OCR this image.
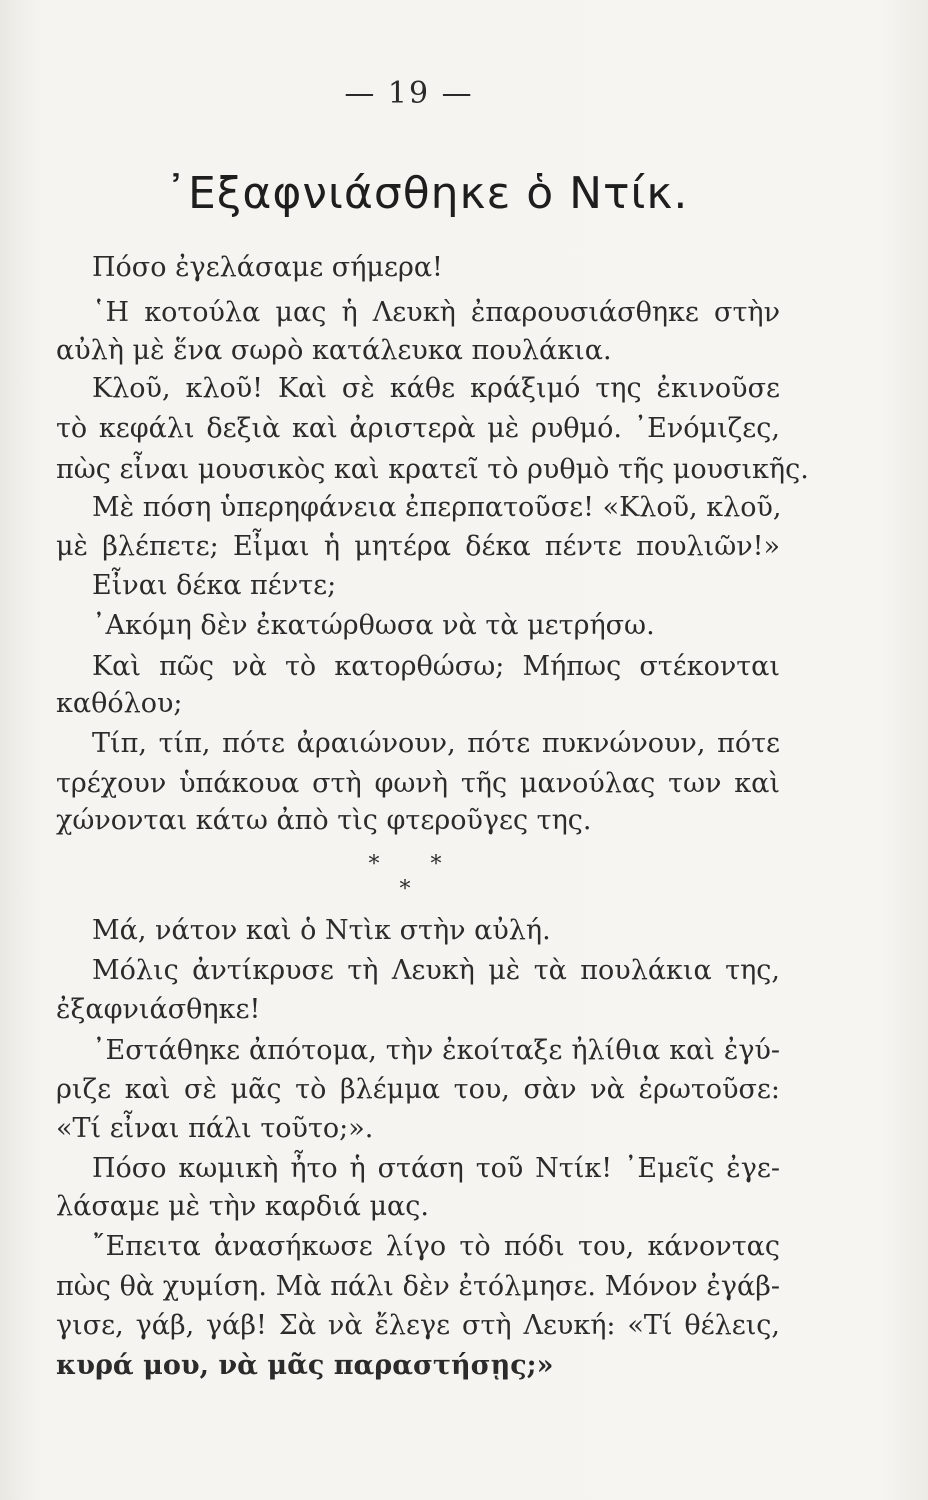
— 19 —
᾿Εξαφνιάσθηκε ὁ Ντίκ.
Πόσο ἐγελάσαμε σήμερα!
῾Η κοτούλα μας ἡ Λευκὴ ἐπαρουσιάσθηκε στὴν
αὐλὴ μὲ ἕνα σωρὸ κατάλευκα πουλάκια.
Κλοῦ, κλοῦ! Καὶ σὲ κάθε κράξιμό της ἐκινοῦσε
τὸ κεφάλι δεξιὰ καὶ ἀριστερὰ μὲ ρυθμό. ᾿Ενόμιζες,
πὼς εἶναι μουσικὸς καὶ κρατεῖ τὸ ρυθμὸ τῆς μουσικῆς.
Μὲ πόση ὑπερηφάνεια ἐπερπατοῦσε! «Κλοῦ, κλοῦ,
μὲ βλέπετε; Εἶμαι ἡ μητέρα δέκα πέντε πουλιῶν!»
Εἶναι δέκα πέντε;
᾿Ακόμη δὲν ἐκατώρθωσα νὰ τὰ μετρήσω.
Καὶ πῶς νὰ τὸ κατορθώσω; Μήπως στέκονται
καθόλου;
Τίπ, τίπ, πότε ἀραιώνουν, πότε πυκνώνουν, πότε
τρέχουν ὑπάκουα στὴ φωνὴ τῆς μανούλας των καὶ
χώνονται κάτω ἀπὸ τὶς φτεροῦγες της.
* * *
Μά, νάτον καὶ ὁ Ντὶκ στὴν αὐλή.
Μόλις ἀντίκρυσε τὴ Λευκὴ μὲ τὰ πουλάκια της,
ἐξαφνιάσθηκε!
᾿Εστάθηκε ἀπότομα, τὴν ἐκοίταξε ἠλίθια καὶ ἐγύ-
ριζε καὶ σὲ μᾶς τὸ βλέμμα του, σὰν νὰ ἐρωτοῦσε:
«Τί εἶναι πάλι τοῦτο;».
Πόσο κωμικὴ ἦτο ἡ στάση τοῦ Ντίκ! ᾿Εμεῖς ἐγε-
λάσαμε μὲ τὴν καρδιά μας.
῎Επειτα ἀνασήκωσε λίγο τὸ πόδι του, κάνοντας
πὼς θὰ χυμίση. Μὰ πάλι δὲν ἐτόλμησε. Μόνον ἐγάβ-
γισε, γάβ, γάβ! Σὰ νὰ ἔλεγε στὴ Λευκή: «Τί θέλεις,
κυρά μου, νὰ μᾶς παραστήσῃς;»
